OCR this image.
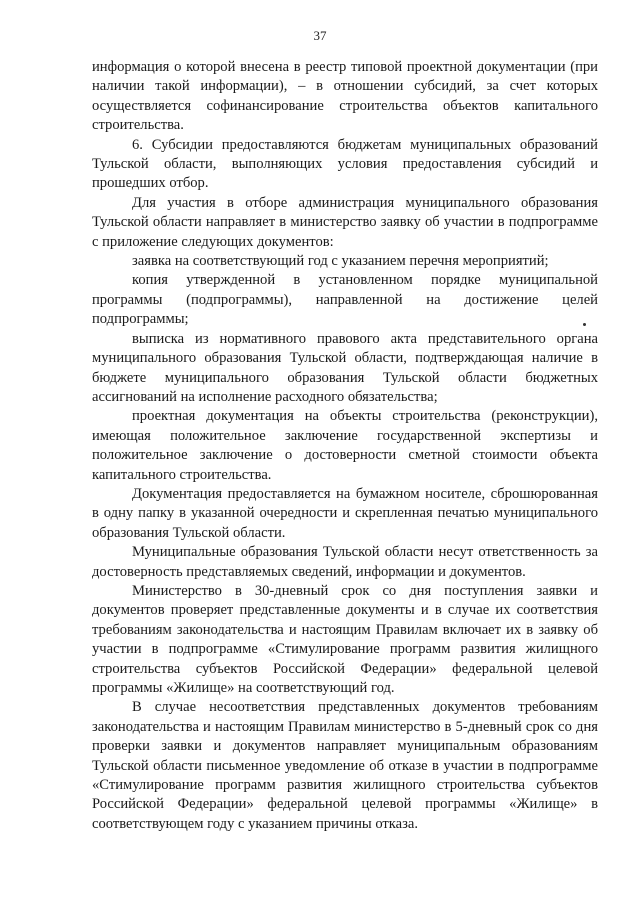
37

информация о которой внесена в реестр типовой проектной документации (при наличии такой информации), – в отношении субсидий, за счет которых осуществляется софинансирование строительства объектов капитального строительства.

6. Субсидии предоставляются бюджетам муниципальных образований Тульской области, выполняющих условия предоставления субсидий и прошедших отбор.

Для участия в отборе администрация муниципального образования Тульской области направляет в министерство заявку об участии в подпрограмме с приложение следующих документов:

заявка на соответствующий год с указанием перечня мероприятий;

копия утвержденной в установленном порядке муниципальной программы (подпрограммы), направленной на достижение целей подпрограммы;

выписка из нормативного правового акта представительного органа муниципального образования Тульской области, подтверждающая наличие в бюджете муниципального образования Тульской области бюджетных ассигнований на исполнение расходного обязательства;

проектная документация на объекты строительства (реконструкции), имеющая положительное заключение государственной экспертизы и положительное заключение о достоверности сметной стоимости объекта капитального строительства.

Документация предоставляется на бумажном носителе, сброшюрованная в одну папку в указанной очередности и скрепленная печатью муниципального образования Тульской области.

Муниципальные образования Тульской области несут ответственность за достоверность представляемых сведений, информации и документов.

Министерство в 30-дневный срок со дня поступления заявки и документов проверяет представленные документы и в случае их соответствия требованиям законодательства и настоящим Правилам включает их в заявку об участии в подпрограмме «Стимулирование программ развития жилищного строительства субъектов Российской Федерации» федеральной целевой программы «Жилище» на соответствующий год.

В случае несоответствия представленных документов требованиям законодательства и настоящим Правилам министерство в 5-дневный срок со дня проверки заявки и документов направляет муниципальным образованиям Тульской области письменное уведомление об отказе в участии в подпрограмме «Стимулирование программ развития жилищного строительства субъектов Российской Федерации» федеральной целевой программы «Жилище» в соответствующем году с указанием причины отказа.
